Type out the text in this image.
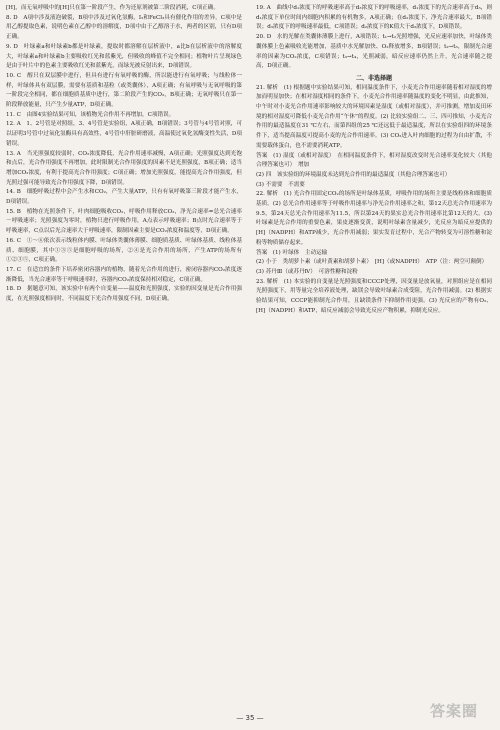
[H]，而无氧呼吸中的[H]只在第一阶段产生，作为还原剂被第二阶段消耗，C项正确。

8. D　A项中涉及液泡破裂，B项中涉及过氧化氢酶，I₂和FeCl₃具有催化作用的差异，C项中是用乙醇提取色素，说明色素在乙醇中的溶解度，D项中由于乙醇溶于水，两者的区别，只有D项正确。

9. D　叶绿素a和叶绿素b都是叶绿素，提取时都溶解在层析液中，a比b在层析液中的溶解度大，叶绿素a和叶绿素b主要吸收红光和蓝紫光，但吸收的峰值不完全相同；植物叶片呈现绿色是由于叶片中的色素主要吸收红光和蓝紫光，而绿光被反射出来，D项错误。

10. C　醇只在双层膜中进行，但具有进行有氧呼吸的酶，所以能进行有氧呼吸；与线粒体一样，叶绿体具有双层膜，需要有基质和基粒（或类囊体），A项正确；有氧呼吸与无氧呼吸的第一阶段完全相同，都在细胞质基质中进行，第二阶段产生的CO₂，B项正确；无氧呼吸只在第一阶段释放能量，只产生少量ATP，D项正确。

11. C　由图4实验结果可知，该植物光合作用不再增加，C项错误。

12. A　1、2号管是对照组，3、4号管是实验组，A项正确，B项错误；3号管与4号管对照，可以证明3号管中过氧化氢酶具有高效性，4号管中肝脏研磨液，高温使过氧化氢酶变性失活，D项错误。

13. A　当光照强度较弱时，CO₂浓度降低，光合作用速率减慢，A项正确；光照强度达到光饱和点后，光合作用强度不再增加，此时限制光合作用强度的因素不是光照强度，B项正确；适当增加CO₂浓度，有利于提高光合作用强度；C项正确；增加光照强度，能提高光合作用强度，但光照过强可能导致光合作用强度下降，D项错误。

14. B　细胞呼吸过程中会产生水和CO₂，产生大量ATP，只有有氧呼吸第三阶段才能产生水，D项错误。

15. B　植物在光照条件下，叶肉细胞吸收CO₂，呼吸作用释放CO₂，净光合速率=总光合速率－呼吸速率；光照强度为零时，植物只进行呼吸作用，A点表示呼吸速率；B点时光合速率等于呼吸速率，C点以后光合速率大于呼吸速率，限制因素主要是CO₂浓度和温度等，D项正确。

16. C　①～⑥依次表示线粒体内膜、叶绿体类囊体薄膜、细胞质基质、叶绿体基质、线粒体基质、细胞膜，其中①③⑤是细胞呼吸的场所，②④是光合作用的场所，产生ATP的场所有①②③⑤，C项正确。

17. C　在适宜的条件下培养密闭容器内的植物，随着光合作用的进行，密闭容器内CO₂浓度逐渐降低，当光合速率等于呼吸速率时，容器内CO₂浓度保持相对稳定，C项正确。

18. D　据题意可知，该实验中有两个自变量——温度和光照强度，实验的因变量是光合作用强度，在光照强度相同时，不同温度下光合作用强度不同，D项正确。

19. A　曲线中d₁浓度下的呼吸速率高于d₃浓度下的呼吸速率，d₁浓度下的光合速率高于d₃，则d₁浓度下单位时间内细胞内积累的有机物多，A项正确；在d₂浓度下，净光合速率最大，B项错误；d₃浓度下的呼吸速率最低，C项错误；d₂浓度下的K值大于d₃浓度下，D项错误。

20. D　水的光解在类囊体薄膜上进行，A项错误；t₁→t₂光照增强，光反应速率加快，叶绿体类囊体膜上色素吸收光能增加，基质中水光解加快、O₂释放增多，B项错误；t₂→t₃，限制光合速率的因素为CO₂浓度，C项错误；t₃→t₄，光照减弱，暗反应速率仍然上升，光合速率随之提高，D项正确。

二、非选择题

21. 解析　(1) 根据题中实验结果可知，相同温度条件下，小麦光合作用速率随着相对湿度的增加而明显加快；在相对湿度相同的条件下，小麦光合作用速率随温度的变化不明显，由此推知，中午时对小麦光合作用速率影响较大的环境因素是湿度（或相对湿度），并可推测，增加麦田环境的相对湿度可降低小麦光合作用“午休”的程度。(2) 比较实验组二、三、四可推知，小麦光合作用的最适温度在31 ℃左右，而第四组的25 ℃还远低于最适温度，所以在实验组四的环境条件下，适当提高温度可提高小麦的光合作用速率。(3) CO₂进入叶肉细胞的过程为自由扩散，不需要载体蛋白，也不需要消耗ATP。

答案　(1) 湿度（或相对湿度）　在相同温度条件下，相对湿度改变时光合速率变化较大（其他合理答案也可）　增加

(2) 四　该实验组的环境温度未达到光合作用的最适温度（其他合理答案也可）

(3) 不需要　不需要

22. 解析　(1) 光合作用固定CO₂的场所是叶绿体基质，呼吸作用的场所主要是线粒体和细胞质基质。(2) 总光合作用速率等于呼吸作用速率与净光合作用速率之和，第12天总光合作用速率为9.5，第24天总光合作用速率为11.5，所以第24天的果实总光合作用速率比第12天的大。(3) 叶绿素是光合作用的重要色素，果皮逐渐变黄，说明叶绿素含量减少，光反应为暗反应提供的[H]（NADPH）和ATP减少，光合作用减弱；果实发育过程中，光合产物转变为可溶性糖和淀粉等物质储存起来。

答案　(1) 叶绿体　主动运输

(2) 小于　类胡萝卜素（或叶黄素和胡萝卜素）　[H]（或NADPH）　ATP（注：两空可颠倒）

(3) 苏丹Ⅲ（或苏丹Ⅳ）　可溶性糖和淀粉

23. 解析　(1) 本实验的自变量是光照强度和CCCP处理，因变量是放氧量，对照组应是在相同光照强度下，用等量完全培养液处理，缺镁会导致叶绿素合成受阻，光合作用减弱。(2) 根据实验结果可知，CCCP能抑制光合作用，且缺镁条件下抑制作用更强。(3) 光反应的产物有O₂、[H]（NADPH）和ATP，暗反应减弱会导致光反应产物积累，抑制光反应。

— 35 —	答案圈
